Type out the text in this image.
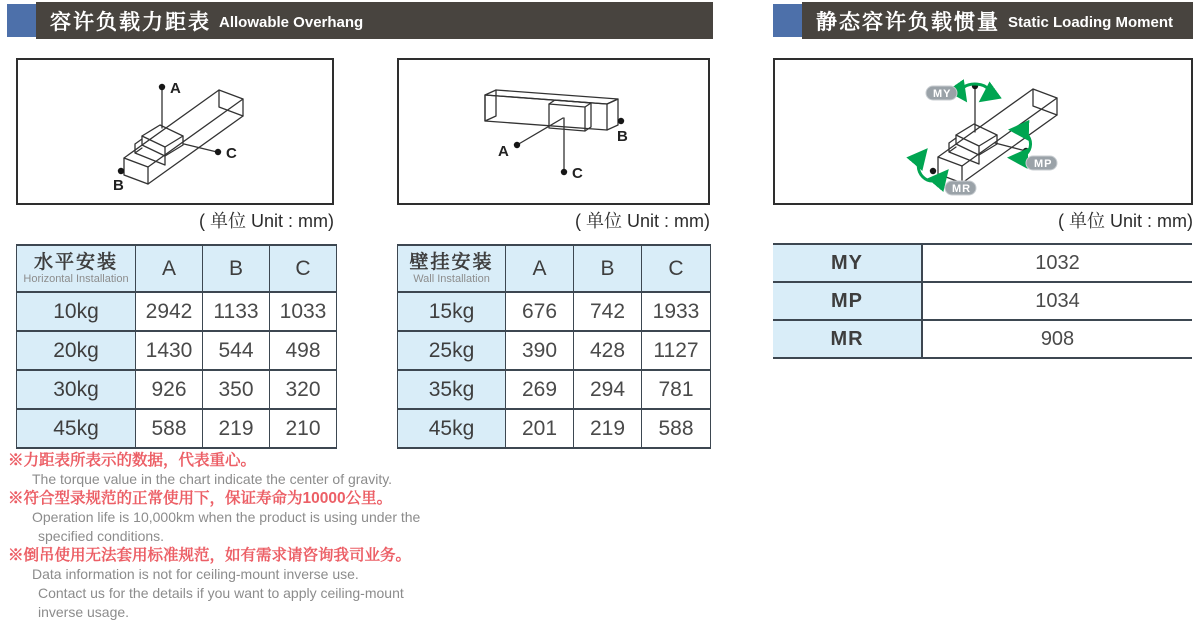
容许负载力距表 Allowable Overhang	静态容许负载惯量 Static Loading Moment
A
C
B
( 单位 Unit : mm)
A
C
B
( 单位 Unit : mm)
MY
MP
MR
( 单位 Unit : mm)
水平安装
Horizontal Installation	A	B	C
10kg	2942	1133	1033
20kg	1430	544	498
30kg	926	350	320
45kg	588	219	210
壁挂安装
Wall Installation	A	B	C
15kg	676	742	1933
25kg	390	428	1127
35kg	269	294	781
45kg	201	219	588
MY	1032
MP	1034
MR	908
※力距表所表示的数据，代表重心。
The torque value in the chart indicate the center of gravity.
※符合型录规范的正常使用下，保证寿命为10000公里。
Operation life is 10,000km when the product is using under the
specified conditions.
※倒吊使用无法套用标准规范，如有需求请咨询我司业务。
Data information is not for ceiling-mount inverse use.
Contact us for the details if you want to apply ceiling-mount
inverse usage.
